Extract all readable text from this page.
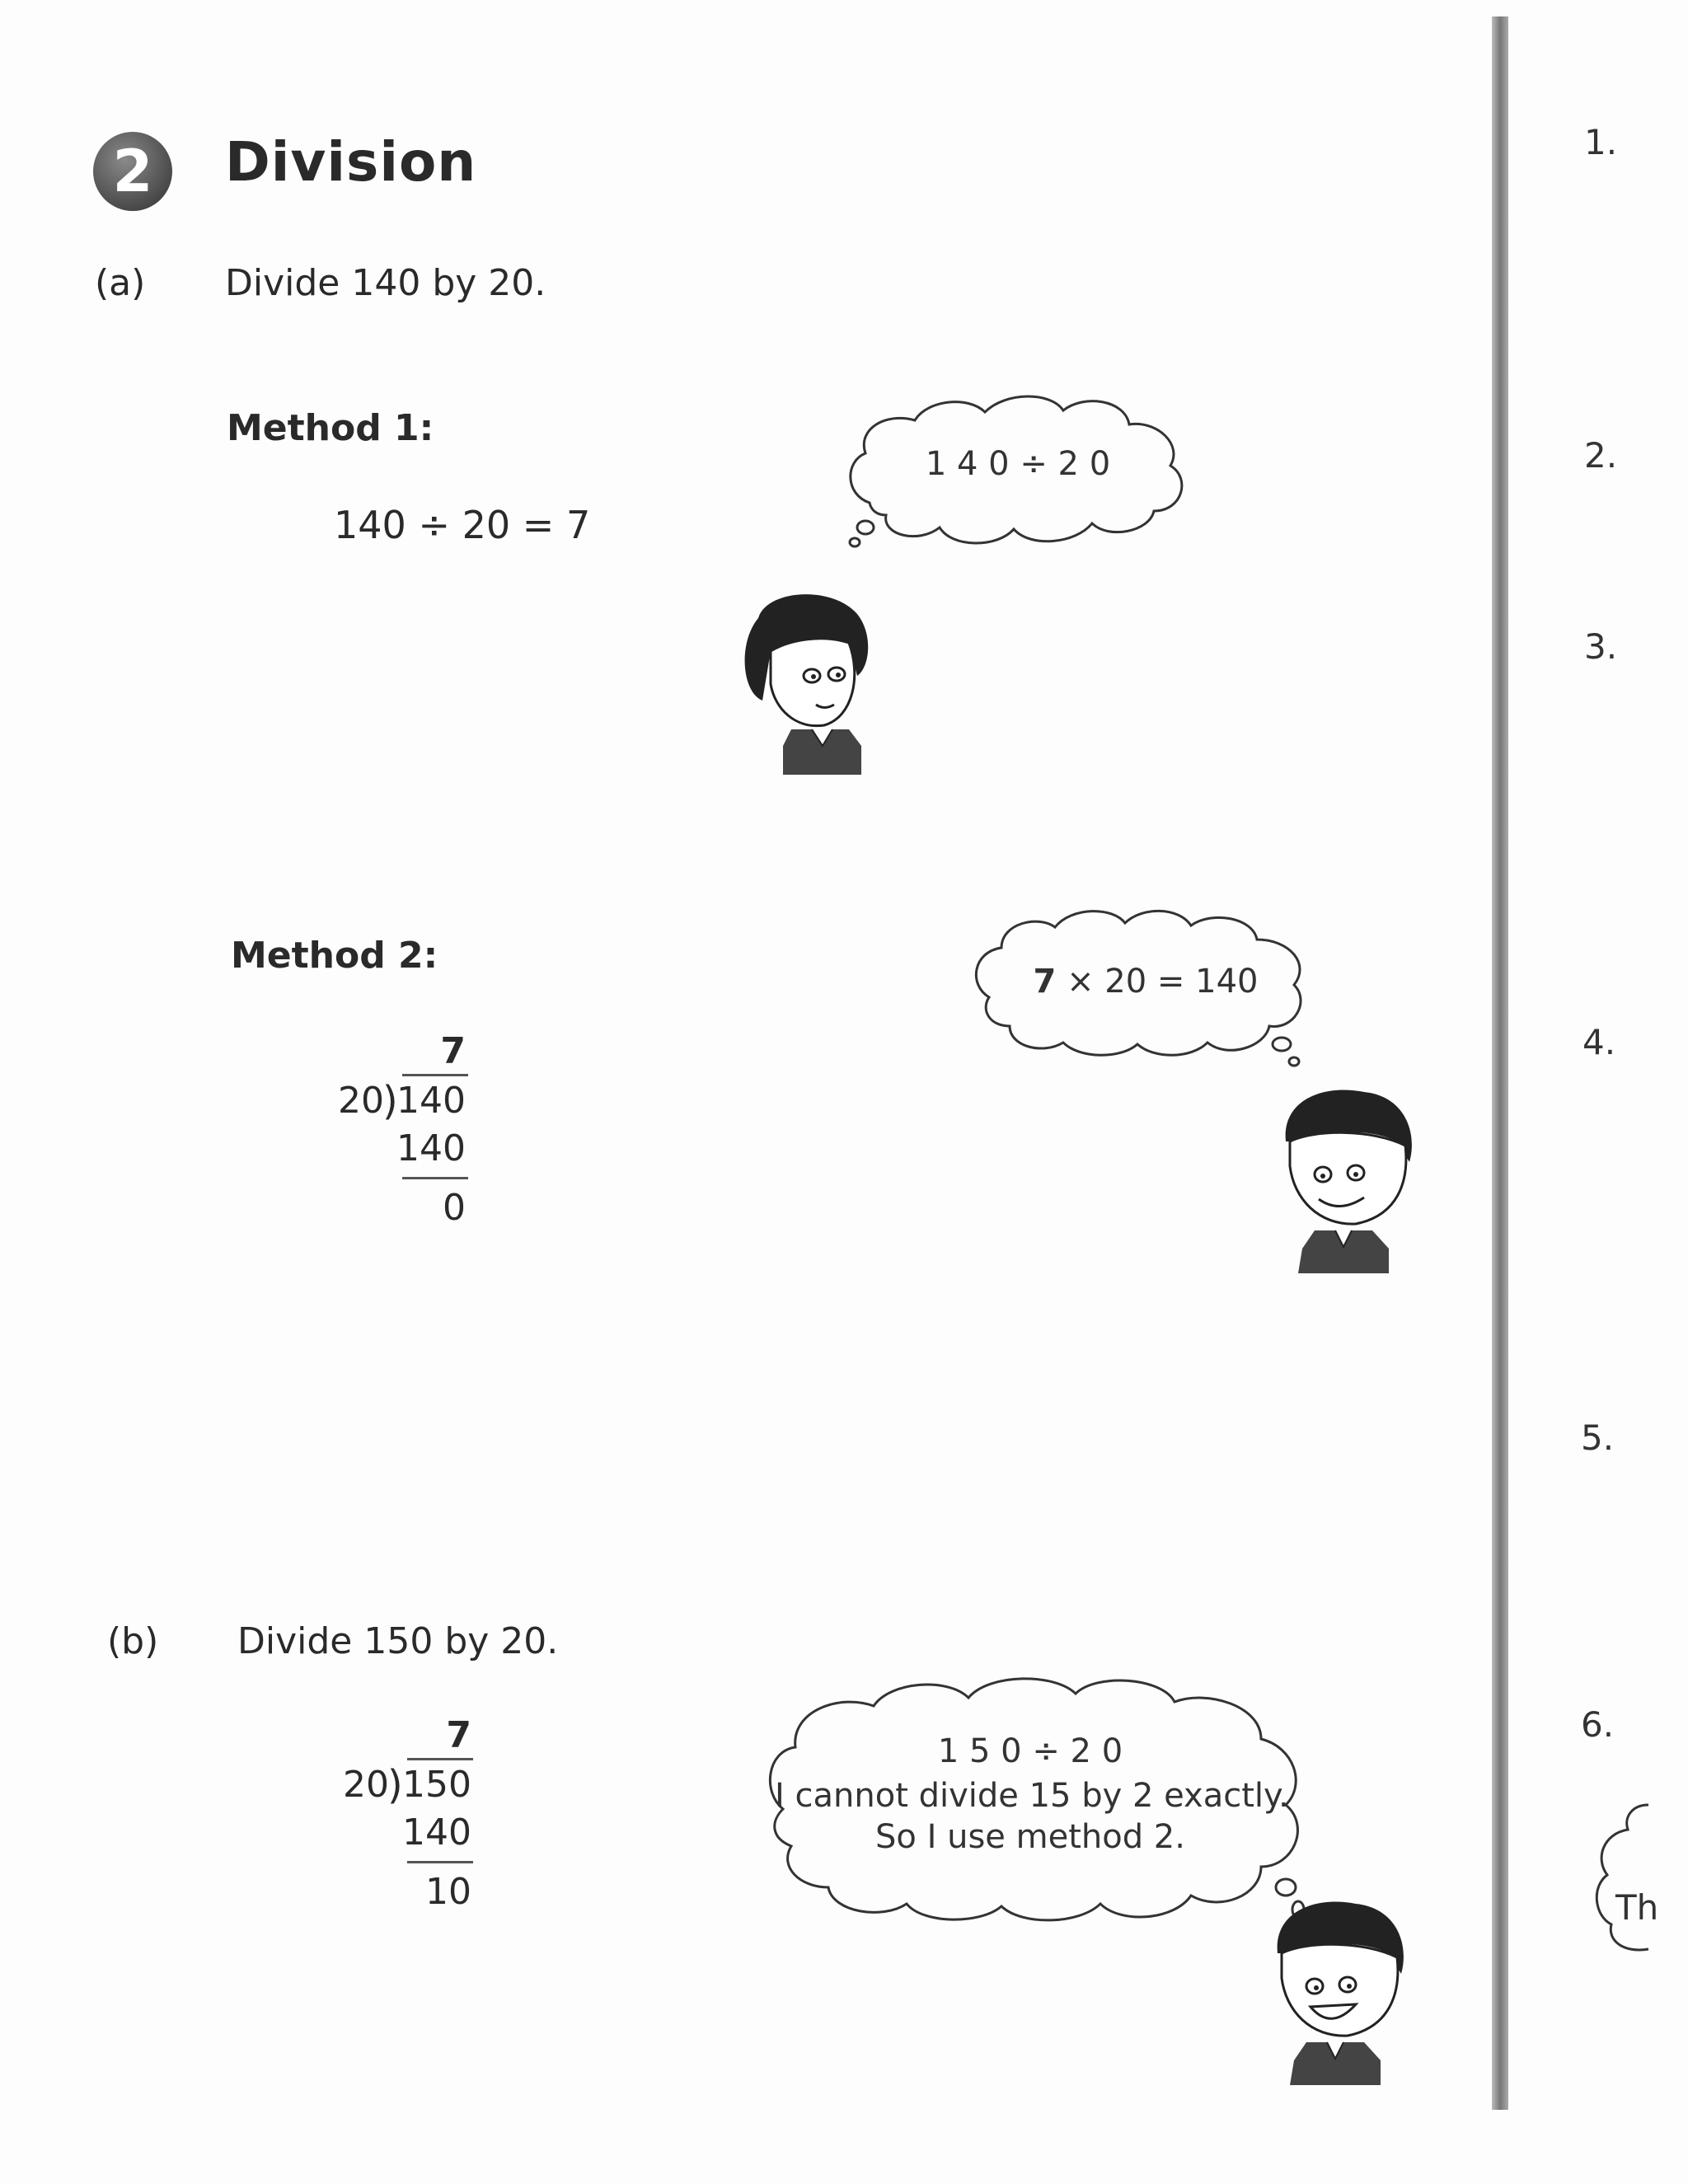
2	Division
(a) Divide 140 by 20.
Method 1:
140 ÷ 20 = 7
1 4 0 ÷ 2 0
Method 2:
7
20
)
140
140
0
7 × 20 = 140
(b) Divide 150 by 20.
7
20
) 150
140
10
1 5 0 ÷ 2 0
I cannot divide 15 by 2 exactly.
So I use method 2.
1.
2.
3.
4.
5.
6.
Th
